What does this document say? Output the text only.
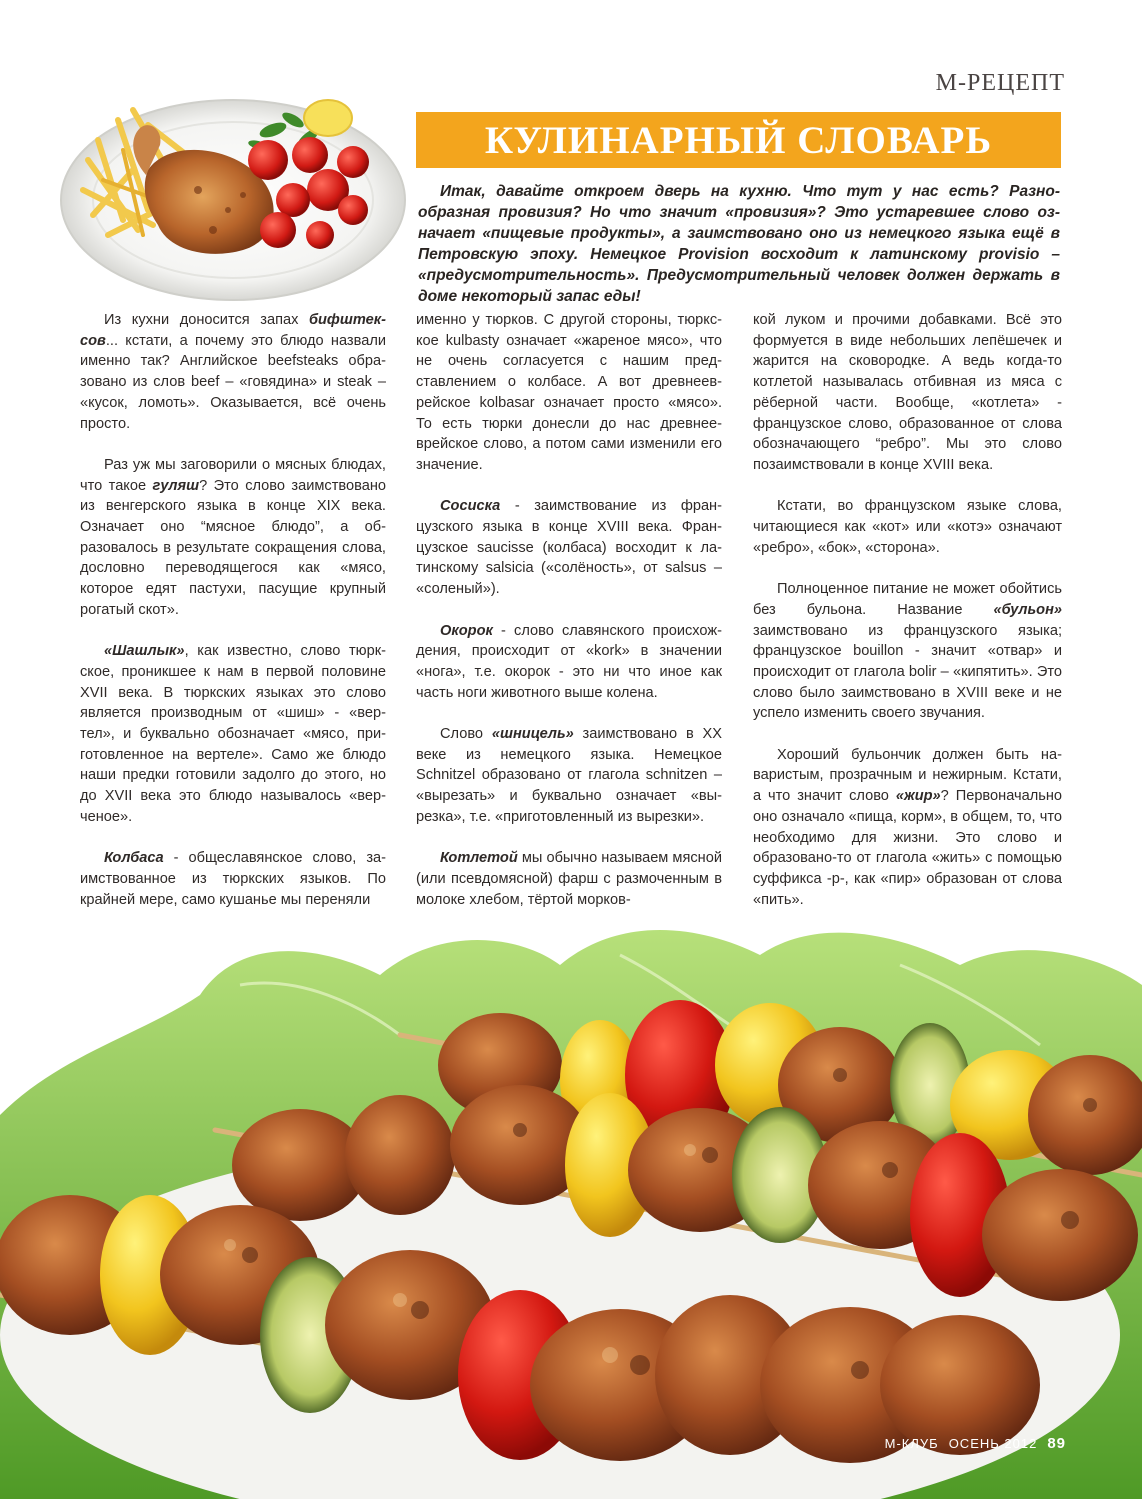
М-РЕЦЕПТ
КУЛИНАРНЫЙ СЛОВАРЬ

Итак, давайте откроем дверь на кухню. Что тут у нас есть? Разнообразная провизия? Но что значит «провизия»? Это устаревшее слово означает «пищевые продукты», а заимствовано оно из немецкого языка ещё в Петровскую эпоху. Немецкое Provision восходит к латинскому provisio – «предусмотрительность». Предусмотрительный человек должен держать в доме некоторый запас еды!

Из кухни доносится запах бифштексов... кстати, а почему это блюдо назвали именно так? Английское beefsteaks образовано из слов beef – «говядина» и steak – «кусок, ломоть». Оказывается, всё очень просто.

Раз уж мы заговорили о мясных блюдах, что такое гуляш? Это слово заимствовано из венгерского языка в конце XIX века. Означает оно “мясное блюдо”, а образовалось в результате сокращения слова, дословно переводящегося как «мясо, которое едят пастухи, пасущие крупный рогатый скот».

«Шашлык», как известно, слово тюркское, проникшее к нам в первой половине XVII века. В тюркских языках это слово является производным от «шиш» - «вертел», и буквально обозначает «мясо, приготовленное на вертеле». Само же блюдо наши предки готовили задолго до этого, но до XVII века это блюдо называлось «верченое».

Колбаса - общеславянское слово, заимствованное из тюркских языков. По крайней мере, само кушанье мы переняли

именно у тюрков. С другой стороны, тюркское kulbasty означает «жареное мясо», что не очень согласуется с нашим представлением о колбасе. А вот древнееврейское kolbasar означает просто «мясо». То есть тюрки донесли до нас древнееврейское слово, а потом сами изменили его значение.

Сосиска - заимствование из французского языка в конце XVIII века. Французское saucisse (колбаса) восходит к латинскому salsicia («солёность», от salsus – «соленый»).

Окорок - слово славянского происхождения, происходит от «kork» в значении «нога», т.е. окорок - это ни что иное как часть ноги животного выше колена.

Слово «шницель» заимствовано в XX веке из немецкого языка. Немецкое Schnitzel образовано от глагола schnitzen – «вырезать» и буквально означает «вырезка», т.е. «приготовленный из вырезки».

Котлетой мы обычно называем мясной (или псевдомясной) фарш с размоченным в молоке хлебом, тёртой морков-

кой луком и прочими добавками. Всё это формуется в виде небольших лепёшечек и жарится на сковородке. А ведь когда-то котлетой называлась отбивная из мяса с рёберной части. Вообще, «котлета» - французское слово, образованное от слова обозначающего “ребро”. Мы это слово позаимствовали в конце XVIII века.

Кстати, во французском языке слова, читающиеся как «кот» или «котэ» означают «ребро», «бок», «сторона».

Полноценное питание не может обойтись без бульона. Название «бульон» заимствовано из французского языка; французское bouillon - значит «отвар» и происходит от глагола bolir – «кипятить». Это слово было заимствовано в XVIII веке и не успело изменить своего звучания.

Хороший бульончик должен быть наваристым, прозрачным и нежирным. Кстати, а что значит слово «жир»? Первоначально оно означало «пища, корм», в общем, то, что необходимо для жизни. Это слово и образовано-то от глагола «жить» с помощью суффикса -р-, как «пир» образован от слова «пить».

М-КЛУБ ОСЕНЬ 2012 89
